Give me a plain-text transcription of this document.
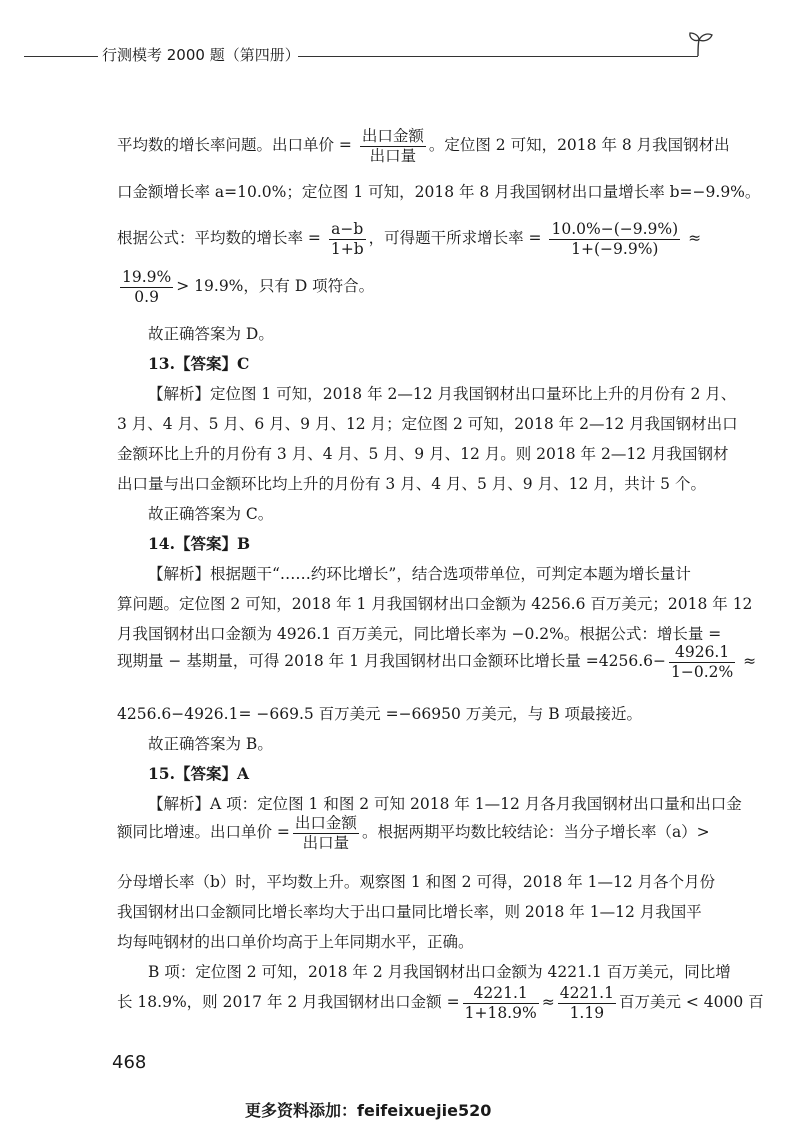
行测模考 2000 题（第四册）
平均数的增长率问题。出口单价 = $\frac{\text{出口金额}}{\text{出口量}}$ 。定位图 2 可知，2018 年 8 月我国钢材出
口金额增长率 a=10.0%；定位图 1 可知，2018 年 8 月我国钢材出口量增长率 b=−9.9%。
根据公式：平均数的增长率 = $\frac{a-b}{1+b}$ ，可得题干所求增长率 = $\frac{10.0\%-(-9.9\%)}{1+(-9.9\%)}$ ≈
$\frac{19.9\%}{0.9} > 19.9\%$，只有 D 项符合。
故正确答案为 D。
13.【答案】C
【解析】定位图 1 可知，2018 年 2—12 月我国钢材出口量环比上升的月份有 2 月、
3 月、4 月、5 月、6 月、9 月、12 月；定位图 2 可知，2018 年 2—12 月我国钢材出口
金额环比上升的月份有 3 月、4 月、5 月、9 月、12 月。则 2018 年 2—12 月我国钢材
出口量与出口金额环比均上升的月份有 3 月、4 月、5 月、9 月、12 月，共计 5 个。
故正确答案为 C。
14.【答案】B
【解析】根据题干“……约环比增长”，结合选项带单位，可判定本题为增长量计
算问题。定位图 2 可知，2018 年 1 月我国钢材出口金额为 4256.6 百万美元；2018 年 12
月我国钢材出口金额为 4926.1 百万美元，同比增长率为 −0.2%。根据公式：增长量 =
现期量 − 基期量，可得 2018 年 1 月我国钢材出口金额环比增长量 $=4256.6- \frac{4926.1}{1-0.2\%}$ ≈
4256.6−4926.1= −669.5 百万美元 =−66950 万美元，与 B 项最接近。
故正确答案为 B。
15.【答案】A
【解析】A 项：定位图 1 和图 2 可知 2018 年 1—12 月各月我国钢材出口量和出口金
额同比增速。出口单价 = $\frac{\text{出口金额}}{\text{出口量}}$ 。根据两期平均数比较结论：当分子增长率（a）>
分母增长率（b）时，平均数上升。观察图 1 和图 2 可得，2018 年 1—12 月各个月份
我国钢材出口金额同比增长率均大于出口量同比增长率，则 2018 年 1—12 月我国平
均每吨钢材的出口单价均高于上年同期水平，正确。
B 项：定位图 2 可知，2018 年 2 月我国钢材出口金额为 4221.1 百万美元，同比增
长 18.9%，则 2017 年 2 月我国钢材出口金额 = $\frac{4221.1}{1+18.9\%} \approx \frac{4221.1}{1.19}$ 百万美元 < 4000 百
468
更多资料添加：feifeixuejie520
